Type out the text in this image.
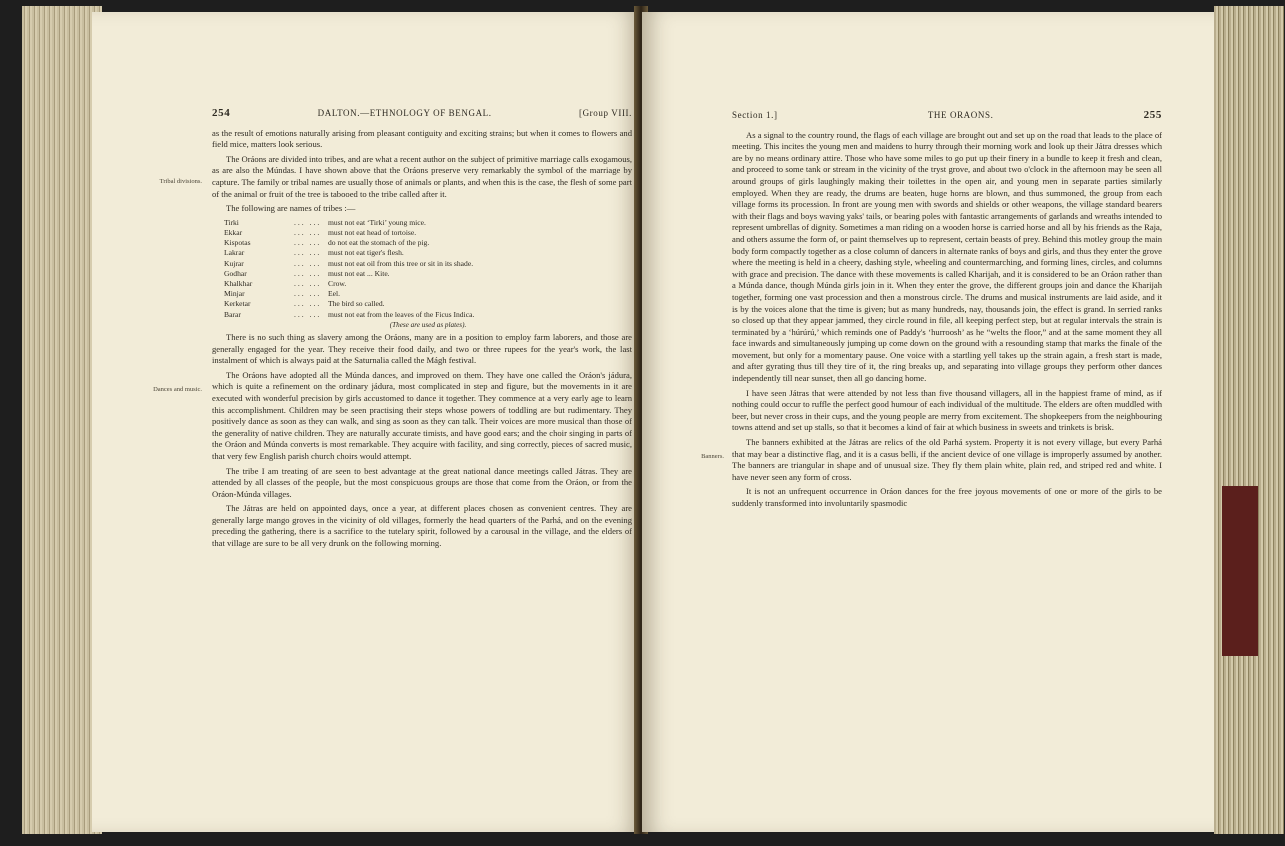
254	DALTON.—ETHNOLOGY OF BENGAL.	[Group VIII.

as the result of emotions naturally arising from pleasant contiguity and exciting strains; but when it comes to flowers and field mice, matters look serious.

Tribal divisions.

The Oráons are divided into tribes, and are what a recent author on the subject of primitive marriage calls exogamous, as are also the Múndas. I have shown above that the Oráons preserve very remarkably the symbol of the marriage by capture. The family or tribal names are usually those of animals or plants, and when this is the case, the flesh of some part of the animal or fruit of the tree is tabooed to the tribe called after it.

The following are names of tribes :—

Tirki	... ... must not eat ‘Tirki’ young mice.
Ekkar	... ... must not eat head of tortoise.
Kispotas	... ... do not eat the stomach of the pig.
Lakrar	... ... must not eat tiger's flesh.
Kujrar	... ... must not eat oil from this tree or sit in its shade.
Godhar	... ... must not eat ... Kite.
Khalkhar	... ... Crow.
Minjar	... ... Eel.
Kerketar	... ... The bird so called.
Barar	... ... must not eat from the leaves of the Ficus Indica.
(These are used as plates).

There is no such thing as slavery among the Oráons, many are in a position to employ farm laborers, and those are generally engaged for the year. They receive their food daily, and two or three rupees for the year's work, the last instalment of which is always paid at the Saturnalia called the Mágh festival.

Dances and music.

The Oráons have adopted all the Múnda dances, and improved on them. They have one called the Oráon's jádura, which is quite a refinement on the ordinary jádura, most complicated in step and figure, but the movements in it are executed with wonderful precision by girls accustomed to dance it together. They commence at a very early age to learn this accomplishment. Children may be seen practising their steps whose powers of toddling are but rudimentary. They positively dance as soon as they can walk, and sing as soon as they can talk. Their voices are more musical than those of the generality of native children. They are naturally accurate timists, and have good ears; and the choir singing in parts of the Oráon and Múnda converts is most remarkable. They acquire with facility, and sing correctly, pieces of sacred music, that very few English parish church choirs would attempt.

The tribe I am treating of are seen to best advantage at the great national dance meetings called Játras. They are attended by all classes of the people, but the most conspicuous groups are those that come from the Oráon, or from the Oráon-Múnda villages.

The Játras are held on appointed days, once a year, at different places chosen as convenient centres. They are generally large mango groves in the vicinity of old villages, formerly the head quarters of the Parhá, and on the evening preceding the gathering, there is a sacrifice to the tutelary spirit, followed by a carousal in the village, and the elders of that village are sure to be all very drunk on the following morning.

Section 1.]	THE ORAONS.	255

As a signal to the country round, the flags of each village are brought out and set up on the road that leads to the place of meeting. This incites the young men and maidens to hurry through their morning work and look up their Játra dresses which are by no means ordinary attire. Those who have some miles to go put up their finery in a bundle to keep it fresh and clean, and proceed to some tank or stream in the vicinity of the tryst grove, and about two o'clock in the afternoon may be seen all around groups of girls laughingly making their toilettes in the open air, and young men in separate parties similarly employed. When they are ready, the drums are beaten, huge horns are blown, and thus summoned, the group from each village forms its procession. In front are young men with swords and shields or other weapons, the village standard bearers with their flags and boys waving yaks' tails, or bearing poles with fantastic arrangements of garlands and wreaths intended to represent umbrellas of dignity. Sometimes a man riding on a wooden horse is carried horse and all by his friends as the Raja, and others assume the form of, or paint themselves up to represent, certain beasts of prey. Behind this motley group the main body form compactly together as a close column of dancers in alternate ranks of boys and girls, and thus they enter the grove where the meeting is held in a cheery, dashing style, wheeling and countermarching, and forming lines, circles, and columns with grace and precision. The dance with these movements is called Kharijah, and it is considered to be an Oráon rather than a Múnda dance, though Múnda girls join in it. When they enter the grove, the different groups join and dance the Kharijah together, forming one vast procession and then a monstrous circle. The drums and musical instruments are laid aside, and it is by the voices alone that the time is given; but as many hundreds, nay, thousands join, the effect is grand. In serried ranks so closed up that they appear jammed, they circle round in file, all keeping perfect step, but at regular intervals the strain is terminated by a ‘húrúrú,’ which reminds one of Paddy's ‘hurroosh’ as he “welts the floor,” and at the same moment they all face inwards and simultaneously jumping up come down on the ground with a resounding stamp that marks the finale of the movement, but only for a momentary pause. One voice with a startling yell takes up the strain again, a fresh start is made, and after gyrating thus till they tire of it, the ring breaks up, and separating into village groups they perform other dances independently till near sunset, then all go dancing home.

I have seen Játras that were attended by not less than five thousand villagers, all in the happiest frame of mind, as if nothing could occur to ruffle the perfect good humour of each individual of the multitude. The elders are often muddled with beer, but never cross in their cups, and the young people are merry from excitement. The shopkeepers from the neighbouring towns attend and set up stalls, so that it becomes a kind of fair at which business in sweets and trinkets is brisk.

Banners.

The banners exhibited at the Játras are relics of the old Parhá system. Property it is not every village, but every Parhá that may bear a distinctive flag, and it is a casus belli, if the ancient device of one village is improperly assumed by another. The banners are triangular in shape and of unusual size. They fly them plain white, plain red, and striped red and white. I have never seen any form of cross.

It is not an unfrequent occurrence in Oráon dances for the free joyous movements of one or more of the girls to be suddenly transformed into involuntarily spasmodic
